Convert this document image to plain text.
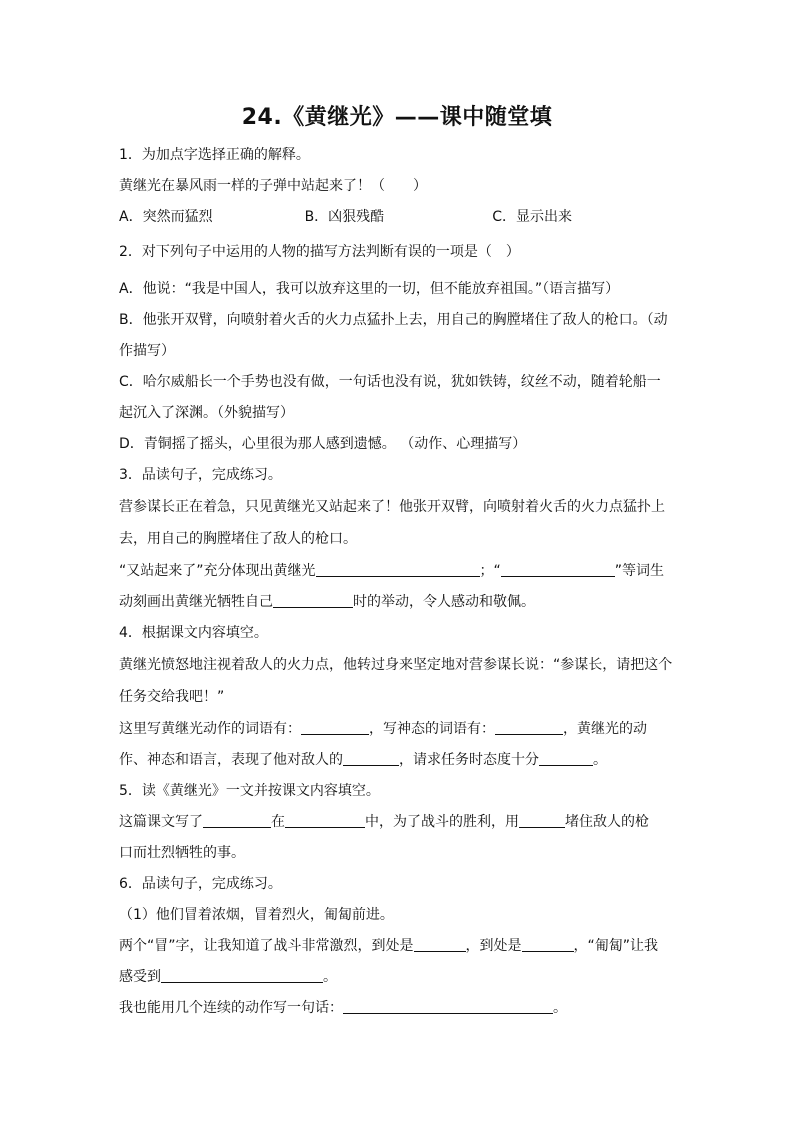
24.《黄继光》——课中随堂填
1．为加点字选择正确的解释。
黄继光在暴风雨一样的子弹中站起来了！（　　）
A．突然而猛烈	B．凶狠残酷	C．显示出来
2．对下列句子中运用的人物的描写方法判断有误的一项是（　）
A．他说：“我是中国人，我可以放弃这里的一切，但不能放弃祖国。”（语言描写）
B．他张开双臂，向喷射着火舌的火力点猛扑上去，用自己的胸膛堵住了敌人的枪口。（动
作描写）
C．哈尔威船长一个手势也没有做，一句话也没有说，犹如铁铸，纹丝不动，随着轮船一
起沉入了深渊。（外貌描写）
D．青铜摇了摇头，心里很为那人感到遗憾。 （动作、心理描写）
3．品读句子，完成练习。
营参谋长正在着急，只见黄继光又站起来了！他张开双臂，向喷射着火舌的火力点猛扑上
去，用自己的胸膛堵住了敌人的枪口。
“又站起来了”充分体现出黄继光	；“	”等词生
动刻画出黄继光牺牲自己	时的举动，令人感动和敬佩。
4．根据课文内容填空。
黄继光愤怒地注视着敌人的火力点，他转过身来坚定地对营参谋长说：“参谋长，请把这个
任务交给我吧！”
这里写黄继光动作的词语有：	，写神态的词语有：	，黄继光的动
作、神态和语言，表现了他对敌人的	，请求任务时态度十分	。
5．读《黄继光》一文并按课文内容填空。
这篇课文写了	在	中，为了战斗的胜利，用	堵住敌人的枪
口而壮烈牺牲的事。
6．品读句子，完成练习。
（1）他们冒着浓烟，冒着烈火，匍匐前进。
两个“冒”字，让我知道了战斗非常激烈，到处是	，到处是	，“匍匐”让我
感受到	。
我也能用几个连续的动作写一句话：	。
